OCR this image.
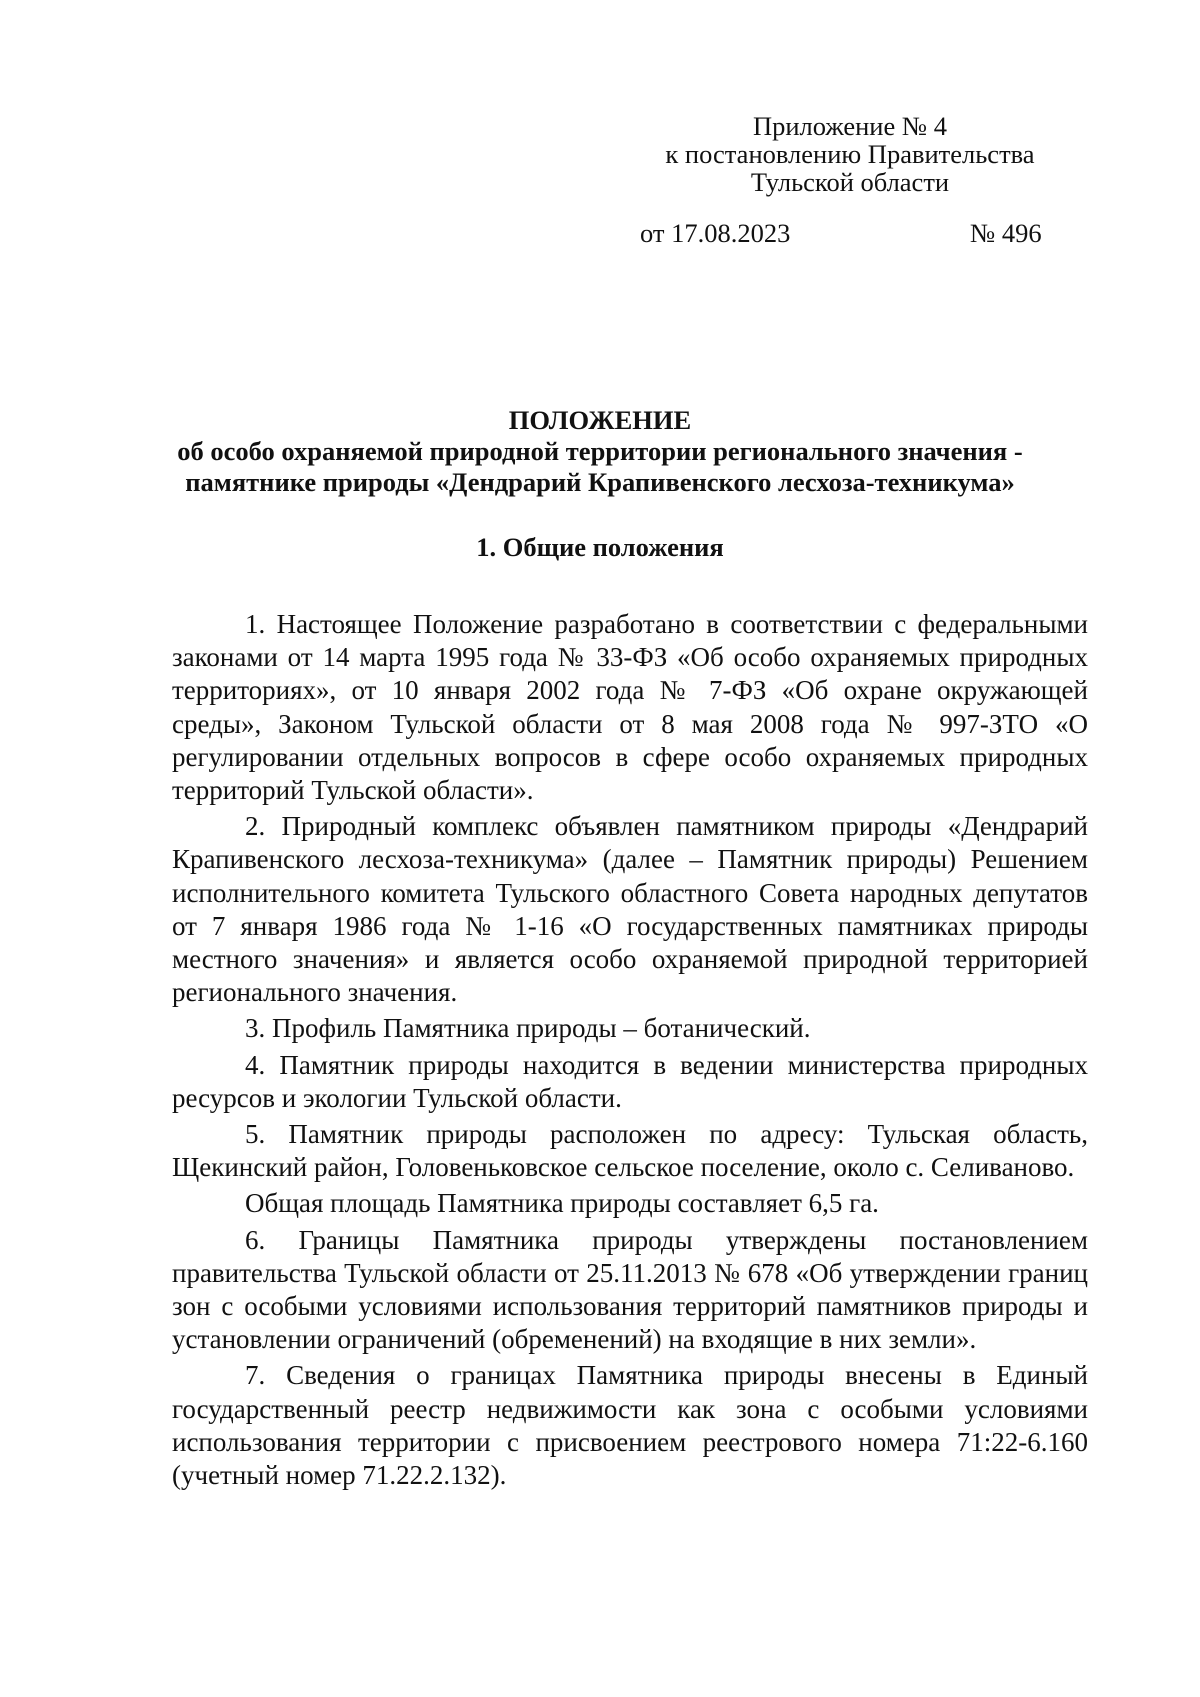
Приложение № 4
к постановлению Правительства
Тульской области
от 17.08.2023	№ 496
ПОЛОЖЕНИЕ
об особо охраняемой природной территории регионального значения -
памятнике природы «Дендрарий Крапивенского лесхоза-техникума»
1. Общие положения

1. Настоящее Положение разработано в соответствии с федеральными законами от 14 марта 1995 года № 33-ФЗ «Об особо охраняемых природных территориях», от 10 января 2002 года № 7-ФЗ «Об охране окружающей среды», Законом Тульской области от 8 мая 2008 года № 997-ЗТО «О регулировании отдельных вопросов в сфере особо охраняемых природных территорий Тульской области».

2. Природный комплекс объявлен памятником природы «Дендрарий Крапивенского лесхоза-техникума» (далее – Памятник природы) Решением исполнительного комитета Тульского областного Совета народных депутатов от 7 января 1986 года № 1-16 «О государственных памятниках природы местного значения» и является особо охраняемой природной территорией регионального значения.

3. Профиль Памятника природы – ботанический.

4. Памятник природы находится в ведении министерства природных ресурсов и экологии Тульской области.

5. Памятник природы расположен по адресу: Тульская область, Щекинский район, Головеньковское сельское поселение, около с. Селиваново.

Общая площадь Памятника природы составляет 6,5 га.

6. Границы Памятника природы утверждены постановлением правительства Тульской области от 25.11.2013 № 678 «Об утверждении границ зон с особыми условиями использования территорий памятников природы и установлении ограничений (обременений) на входящие в них земли».

7. Сведения о границах Памятника природы внесены в Единый государственный реестр недвижимости как зона с особыми условиями использования территории с присвоением реестрового номера 71:22-6.160 (учетный номер 71.22.2.132).
